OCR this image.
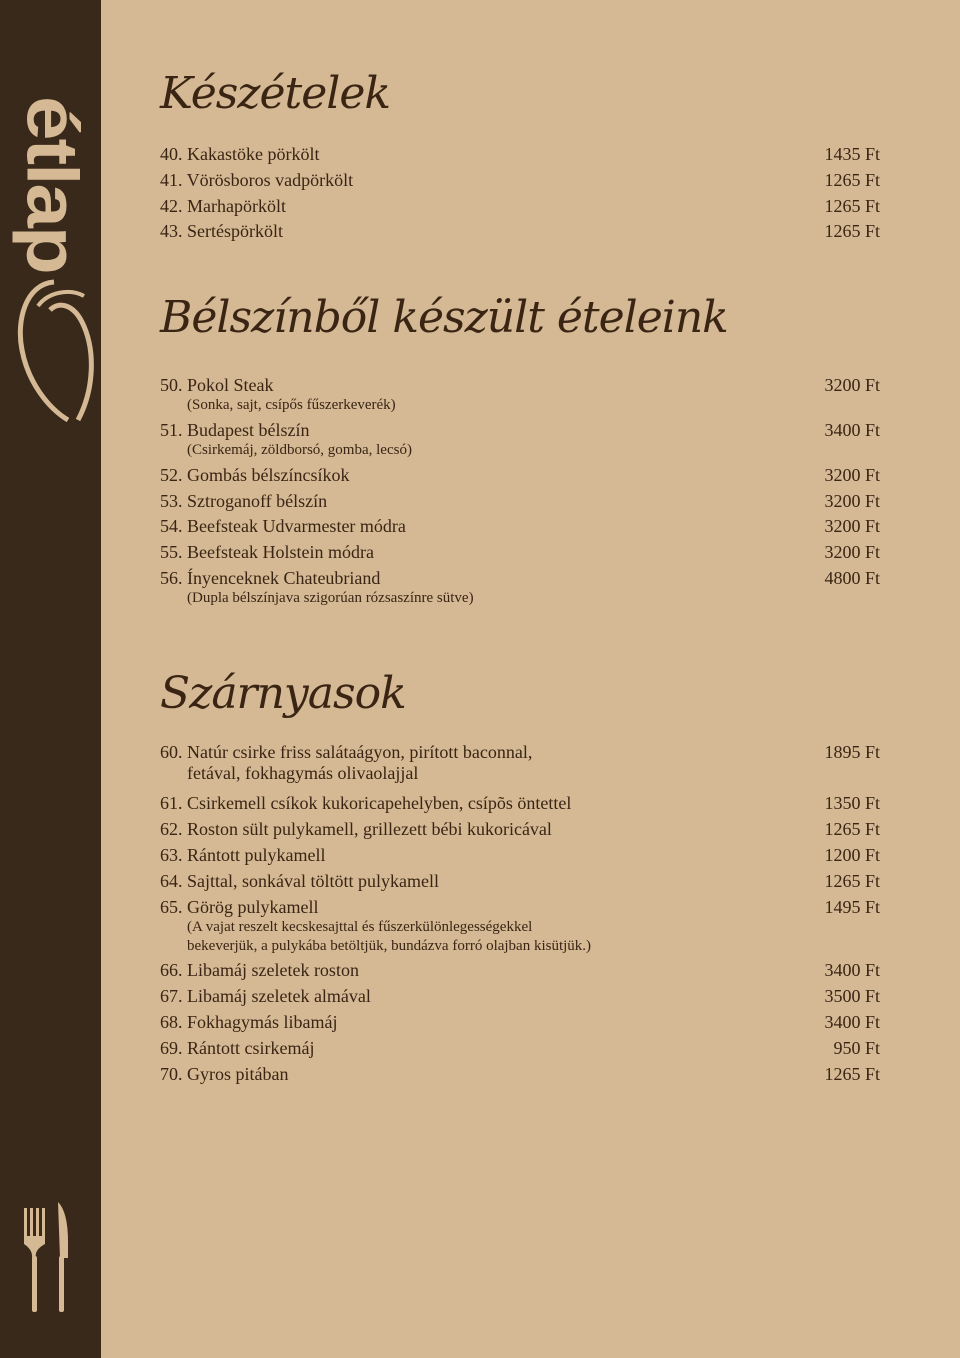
étlap
Készételek
40. Kakastöke pörkölt	1435 Ft
41. Vörösboros vadpörkölt	1265 Ft
42. Marhapörkölt	1265 Ft
43. Sertéspörkölt	1265 Ft
Bélszínből készült ételeink
50. Pokol Steak	3200 Ft
(Sonka, sajt, csípős fűszerkeverék)
51. Budapest bélszín	3400 Ft
(Csirkemáj, zöldborsó, gomba, lecsó)
52. Gombás bélszíncsíkok	3200 Ft
53. Sztroganoff bélszín	3200 Ft
54. Beefsteak Udvarmester módra	3200 Ft
55. Beefsteak Holstein módra	3200 Ft
56. Ínyenceknek Chateubriand	4800 Ft
(Dupla bélszínjava szigorúan rózsaszínre sütve)
Szárnyasok
60. Natúr csirke friss salátaágyon, pirított baconnal,	1895 Ft
fetával, fokhagymás olivaolajjal
61. Csirkemell csíkok kukoricapehelyben, csípõs öntettel	1350 Ft
62. Roston sült pulykamell, grillezett bébi kukoricával	1265 Ft
63. Rántott pulykamell	1200 Ft
64. Sajttal, sonkával töltött pulykamell	1265 Ft
65. Görög pulykamell	1495 Ft
(A vajat reszelt kecskesajttal és fűszerkülönlegességekkel
bekeverjük, a pulykába betöltjük, bundázva forró olajban kisütjük.)
66. Libamáj szeletek roston	3400 Ft
67. Libamáj szeletek almával	3500 Ft
68. Fokhagymás libamáj	3400 Ft
69. Rántott csirkemáj	950 Ft
70. Gyros pitában	1265 Ft
